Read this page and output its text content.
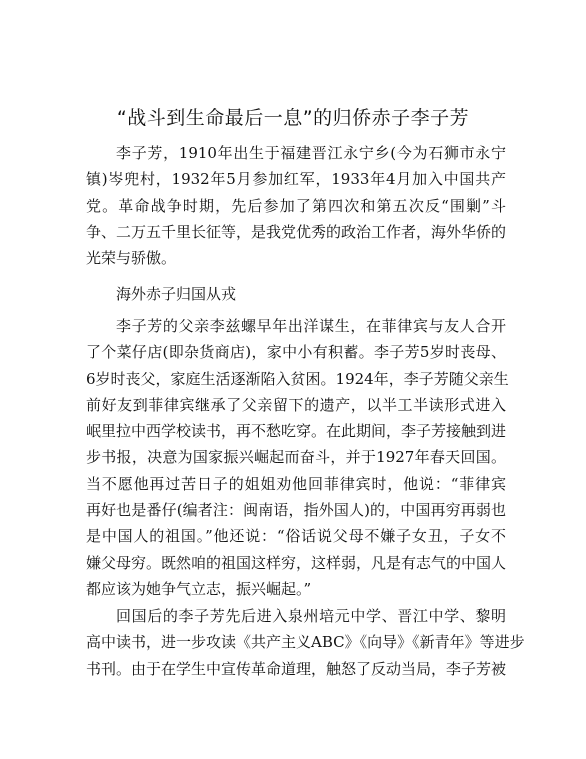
“战斗到生命最后一息”的归侨赤子李子芳
李子芳，1910年出生于福建晋江永宁乡(今为石狮市永宁
镇)岑兜村，1932年5月参加红军，1933年4月加入中国共产
党。革命战争时期，先后参加了第四次和第五次反“围剿”斗
争、二万五千里长征等，是我党优秀的政治工作者，海外华侨的
光荣与骄傲。
海外赤子归国从戎
李子芳的父亲李兹螺早年出洋谋生，在菲律宾与友人合开
了个菜仔店(即杂货商店)，家中小有积蓄。李子芳5岁时丧母、
6岁时丧父，家庭生活逐渐陷入贫困。1924年，李子芳随父亲生
前好友到菲律宾继承了父亲留下的遗产，以半工半读形式进入
岷里拉中西学校读书，再不愁吃穿。在此期间，李子芳接触到进
步书报，决意为国家振兴崛起而奋斗，并于1927年春天回国。
当不愿他再过苦日子的姐姐劝他回菲律宾时，他说：“菲律宾
再好也是番仔(编者注：闽南语，指外国人)的，中国再穷再弱也
是中国人的祖国。”他还说：“俗话说父母不嫌子女丑，子女不
嫌父母穷。既然咱的祖国这样穷，这样弱，凡是有志气的中国人
都应该为她争气立志，振兴崛起。”
回国后的李子芳先后进入泉州培元中学、晋江中学、黎明
高中读书，进一步攻读《共产主义ABC》《向导》《新青年》等进步
书刊。由于在学生中宣传革命道理，触怒了反动当局，李子芳被
